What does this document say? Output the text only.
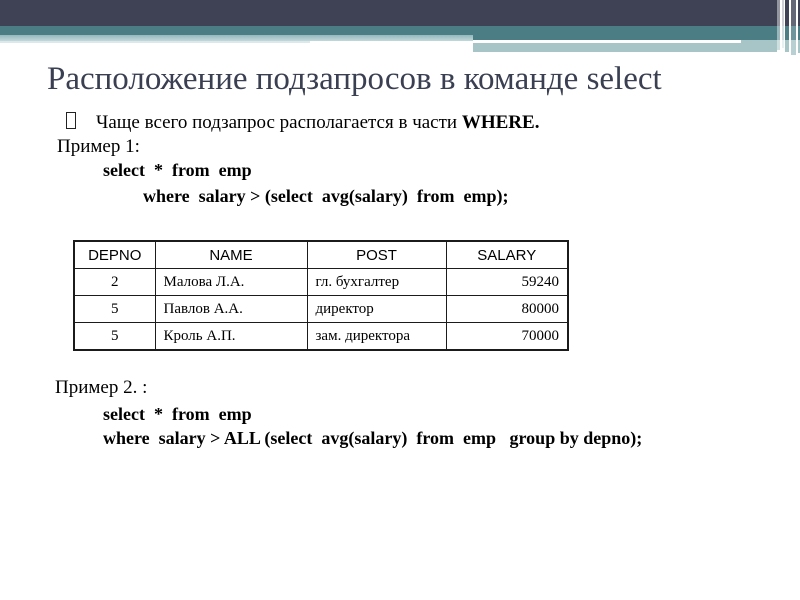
Расположение подзапросов в команде select
Чаще всего подзапрос располагается в части WHERE.
Пример 1:
select  *  from  emp
where  salary > (select  avg(salary)  from  emp);
DEPNO	NAME	POST	SALARY
2	Малова Л.А.	гл. бухгалтер	59240
5	Павлов А.А.	директор	80000
5	Кроль А.П.	зам. директора	70000
Пример 2. :
select  *  from  emp
where  salary > ALL (select  avg(salary)  from  emp   group by depno);
